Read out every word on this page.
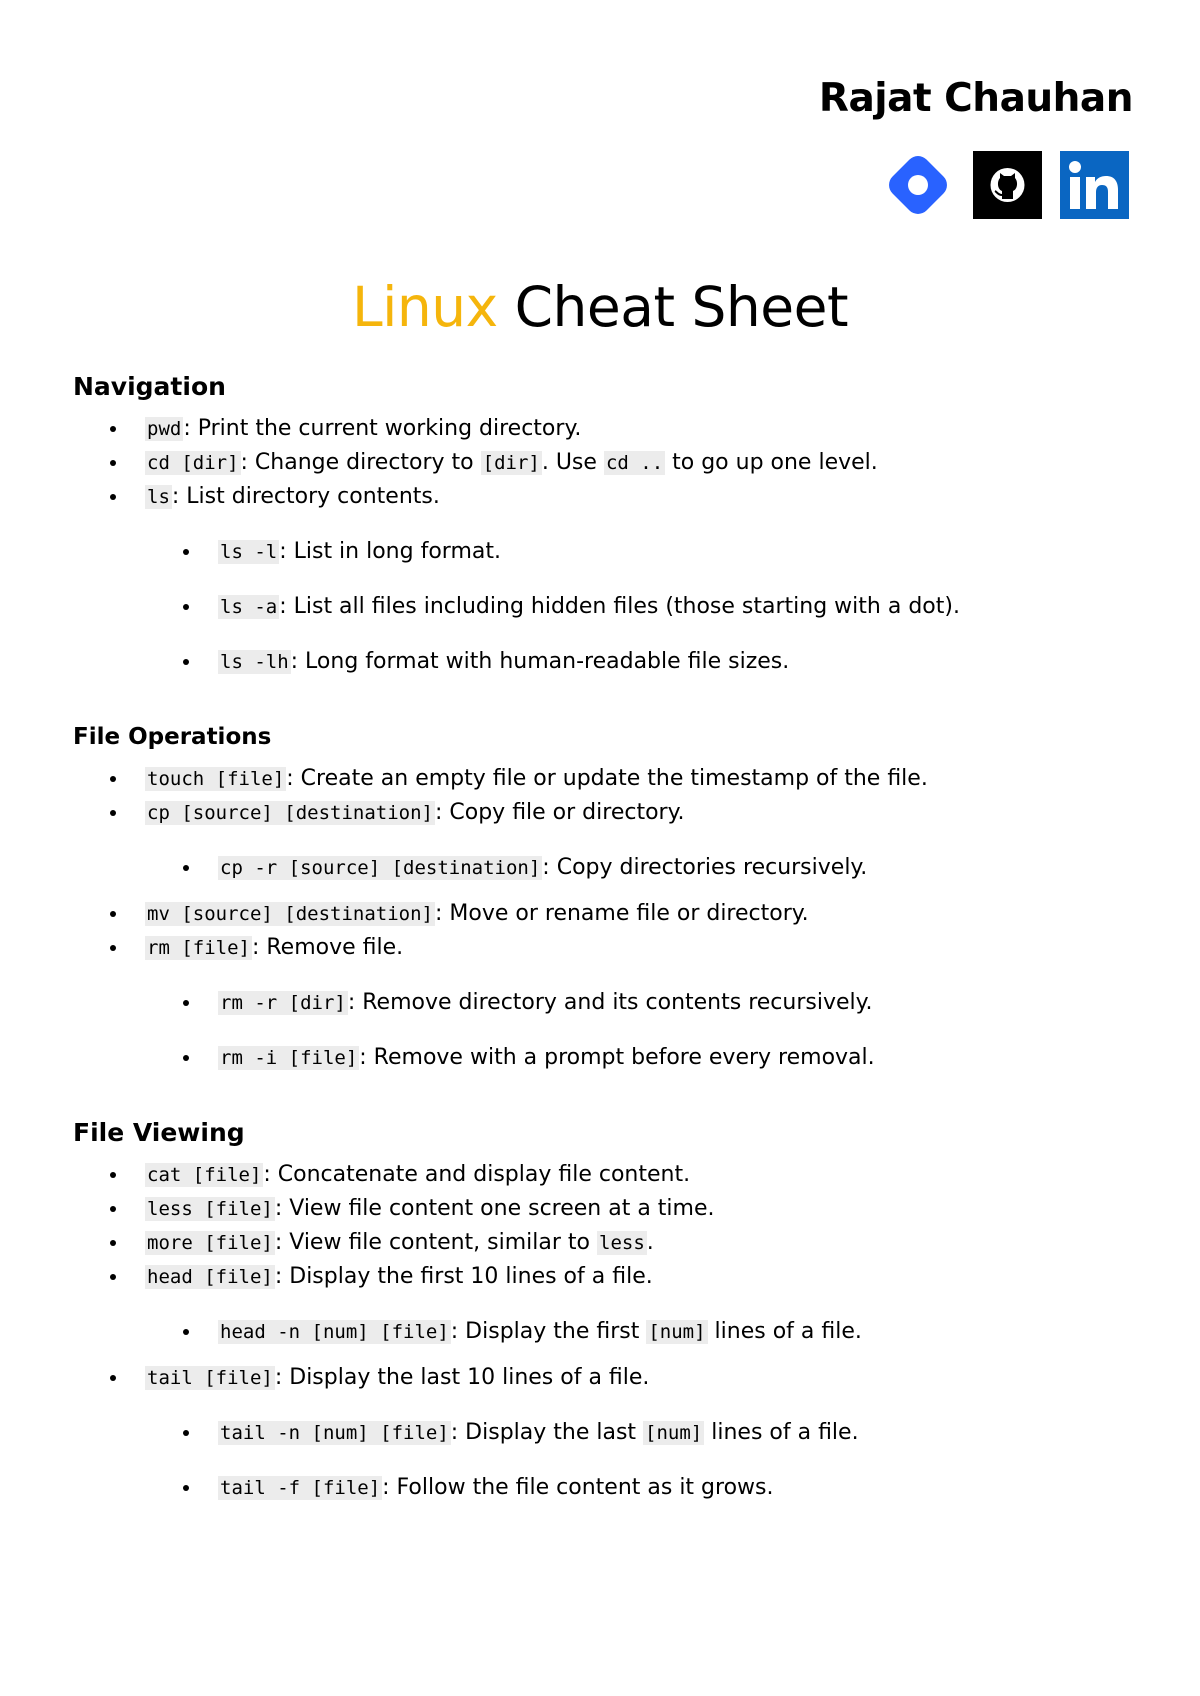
Rajat Chauhan
Linux Cheat Sheet
Navigation
pwd: Print the current working directory.
cd [dir]: Change directory to [dir]. Use cd .. to go up one level.
ls: List directory contents.
ls -l: List in long format.
ls -a: List all files including hidden files (those starting with a dot).
ls -lh: Long format with human-readable file sizes.
File Operations
touch [file]: Create an empty file or update the timestamp of the file.
cp [source] [destination]: Copy file or directory.
cp -r [source] [destination]: Copy directories recursively.
mv [source] [destination]: Move or rename file or directory.
rm [file]: Remove file.
rm -r [dir]: Remove directory and its contents recursively.
rm -i [file]: Remove with a prompt before every removal.
File Viewing
cat [file]: Concatenate and display file content.
less [file]: View file content one screen at a time.
more [file]: View file content, similar to less.
head [file]: Display the first 10 lines of a file.
head -n [num] [file]: Display the first [num] lines of a file.
tail [file]: Display the last 10 lines of a file.
tail -n [num] [file]: Display the last [num] lines of a file.
tail -f [file]: Follow the file content as it grows.
